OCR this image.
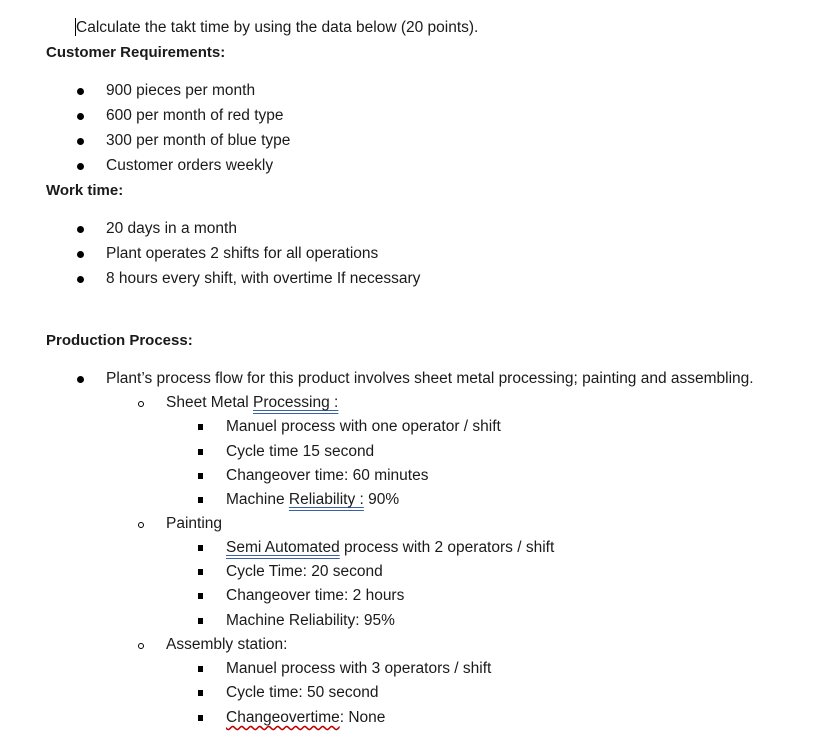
Calculate the takt time by using the data below (20 points).
Customer Requirements:
900 pieces per month
600 per month of red type
300 per month of blue type
Customer orders weekly
Work time:
20 days in a month
Plant operates 2 shifts for all operations
8 hours every shift, with overtime If necessary
Production Process:
Plant’s process flow for this product involves sheet metal processing; painting and assembling.
Sheet Metal Processing :
Manuel process with one operator / shift
Cycle time 15 second
Changeover time: 60 minutes
Machine Reliability : 90%
Painting
Semi Automated process with 2 operators / shift
Cycle Time: 20 second
Changeover time: 2 hours
Machine Reliability: 95%
Assembly station:
Manuel process with 3 operators / shift
Cycle time: 50 second
Changeovertime: None
